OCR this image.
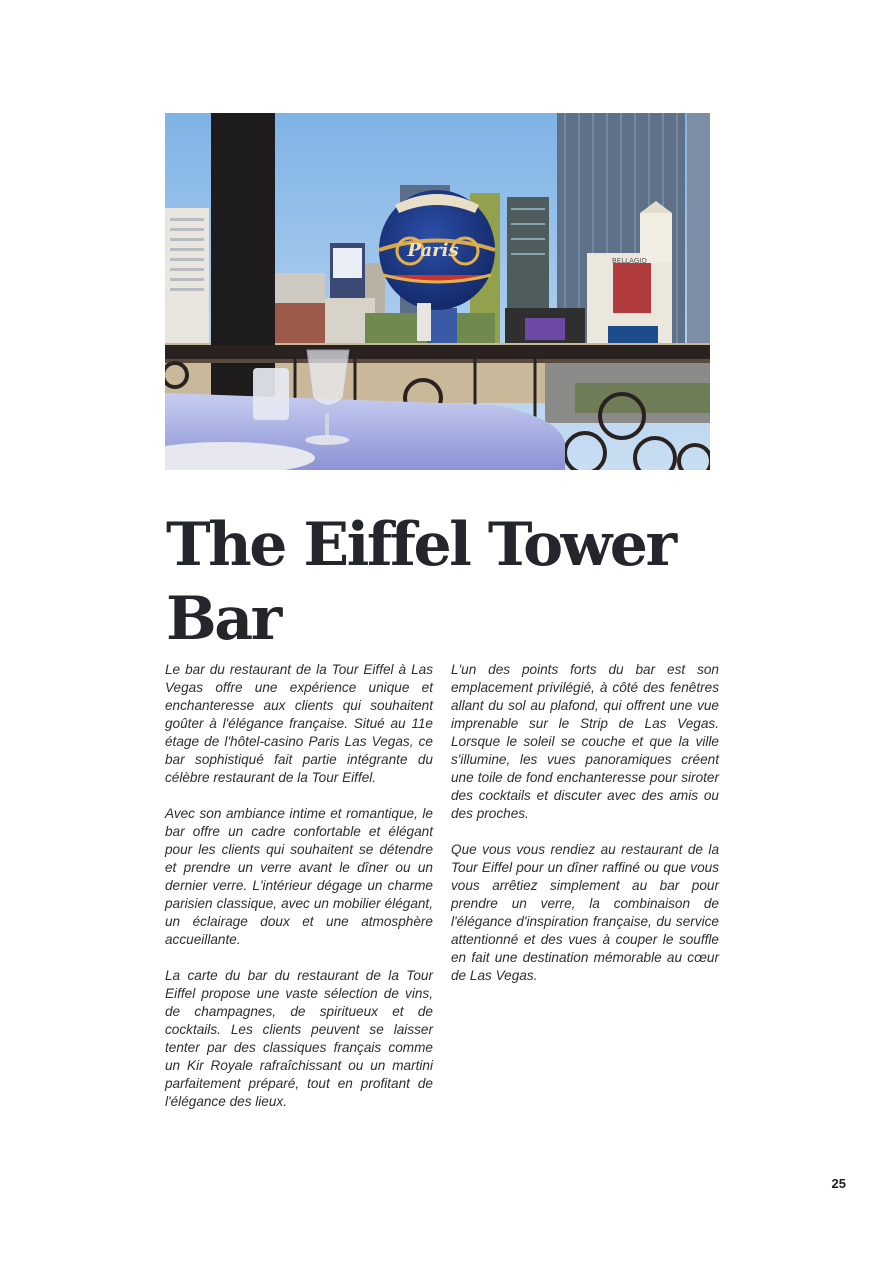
BELLAGIO
Paris
The Eiffel Tower Bar

Le bar du restaurant de la Tour Eiffel à Las Vegas offre une expérience unique et enchanteresse aux clients qui souhaitent goûter à l'élégance française. Situé au 11e étage de l'hôtel-casino Paris Las Vegas, ce bar sophistiqué fait partie intégrante du célèbre restaurant de la Tour Eiffel.

Avec son ambiance intime et romantique, le bar offre un cadre confortable et élégant pour les clients qui souhaitent se détendre et prendre un verre avant le dîner ou un dernier verre. L'intérieur dégage un charme parisien classique, avec un mobilier élégant, un éclairage doux et une atmosphère accueillante.

La carte du bar du restaurant de la Tour Eiffel propose une vaste sélection de vins, de champagnes, de spiritueux et de cocktails. Les clients peuvent se laisser tenter par des classiques français comme un Kir Royale rafraîchissant ou un martini parfaitement préparé, tout en profitant de l'élégance des lieux.

L'un des points forts du bar est son emplacement privilégié, à côté des fenêtres allant du sol au plafond, qui offrent une vue imprenable sur le Strip de Las Vegas. Lorsque le soleil se couche et que la ville s'illumine, les vues panoramiques créent une toile de fond enchanteresse pour siroter des cocktails et discuter avec des amis ou des proches.

Que vous vous rendiez au restaurant de la Tour Eiffel pour un dîner raffiné ou que vous vous arrêtiez simplement au bar pour prendre un verre, la combinaison de l'élégance d'inspiration française, du service attentionné et des vues à couper le souffle en fait une destination mémorable au cœur de Las Vegas.

25
